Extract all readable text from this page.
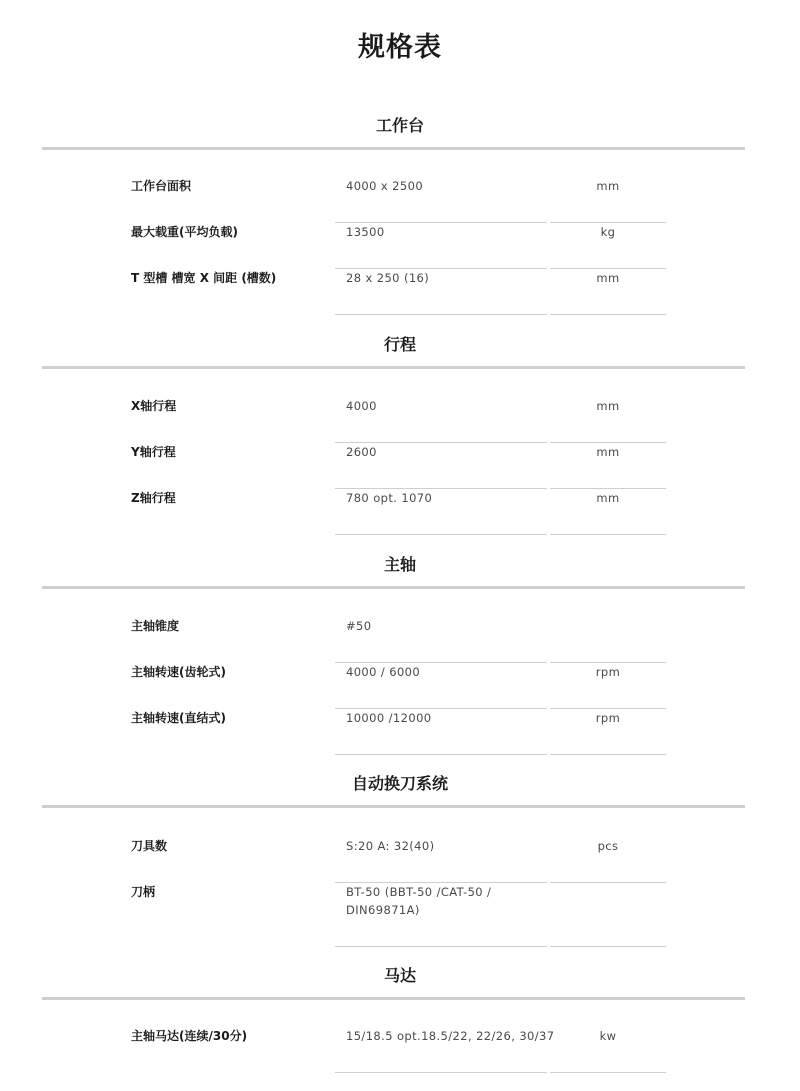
规格表
工作台
工作台面积	4000 x 2500	mm
最大载重(平均负载)	13500	kg
T 型槽 槽宽 X 间距 (槽数)	28 x 250 (16)	mm
行程
X轴行程	4000	mm
Y轴行程	2600	mm
Z轴行程	780 opt. 1070	mm
主轴
主轴锥度	#50
主轴转速(齿轮式)	4000 / 6000	rpm
主轴转速(直结式)	10000 /12000	rpm
自动换刀系统
刀具数	S:20 A: 32(40)	pcs
刀柄	BT-50 (BBT-50 /CAT-50 / DIN69871A)
马达
主轴马达(连续/30分)	15/18.5 opt.18.5/22, 22/26, 30/37	kw
